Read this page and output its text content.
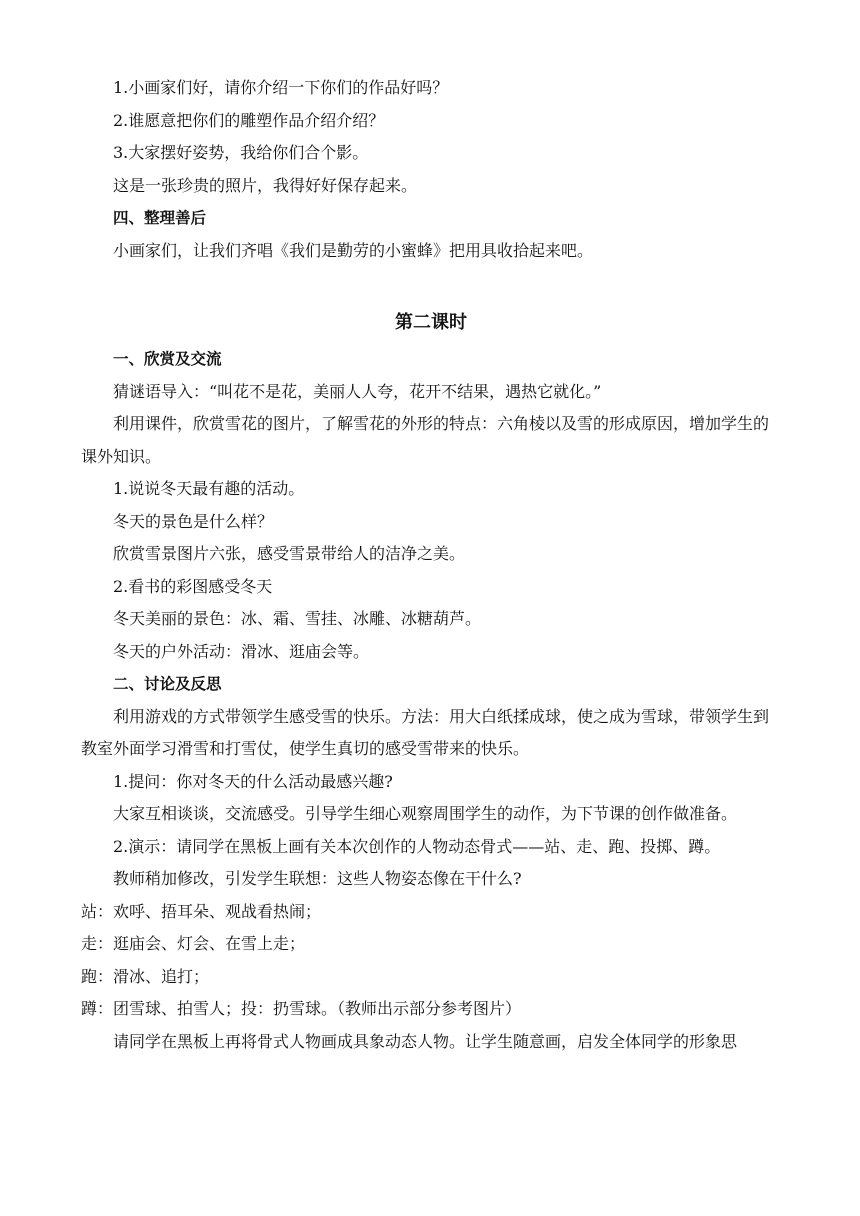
1.小画家们好，请你介绍一下你们的作品好吗？

2.谁愿意把你们的雕塑作品介绍介绍？

3.大家摆好姿势，我给你们合个影。

这是一张珍贵的照片，我得好好保存起来。

四、整理善后

小画家们，让我们齐唱《我们是勤劳的小蜜蜂》把用具收拾起来吧。

第二课时

一、欣赏及交流

猜谜语导入：“叫花不是花，美丽人人夸，花开不结果，遇热它就化。”

利用课件，欣赏雪花的图片，了解雪花的外形的特点：六角棱以及雪的形成原因，增加学生的课外知识。

1.说说冬天最有趣的活动。

冬天的景色是什么样？

欣赏雪景图片六张，感受雪景带给人的洁净之美。

2.看书的彩图感受冬天

冬天美丽的景色：冰、霜、雪挂、冰雕、冰糖葫芦。

冬天的户外活动：滑冰、逛庙会等。

二、讨论及反思

利用游戏的方式带领学生感受雪的快乐。方法：用大白纸揉成球，使之成为雪球，带领学生到教室外面学习滑雪和打雪仗，使学生真切的感受雪带来的快乐。

1.提问：你对冬天的什么活动最感兴趣?

大家互相谈谈，交流感受。引导学生细心观察周围学生的动作，为下节课的创作做准备。

2.演示：请同学在黑板上画有关本次创作的人物动态骨式——站、走、跑、投掷、蹲。

教师稍加修改，引发学生联想：这些人物姿态像在干什么?

站：欢呼、捂耳朵、观战看热闹；

走：逛庙会、灯会、在雪上走；

跑：滑冰、追打；

蹲：团雪球、拍雪人；投：扔雪球。（教师出示部分参考图片）

请同学在黑板上再将骨式人物画成具象动态人物。让学生随意画，启发全体同学的形象思
